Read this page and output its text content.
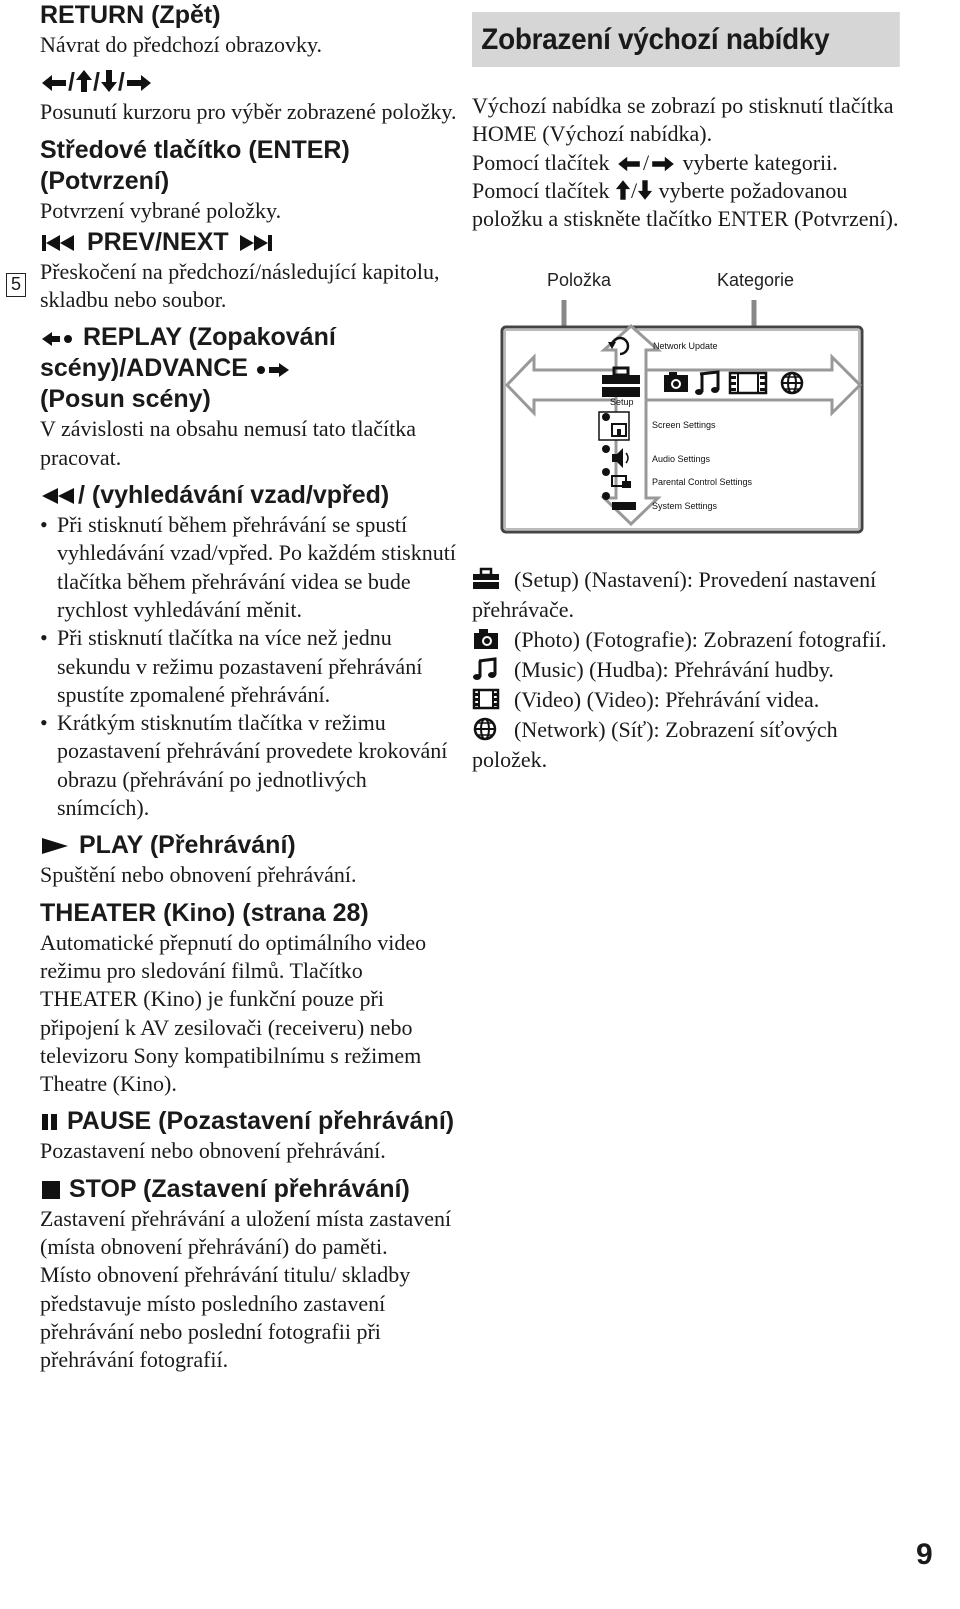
RETURN (Zpět)

Návrat do předchozí obrazovky.

/ / /

Posunutí kurzoru pro výběr zobrazené položky.

Středové tlačítko (ENTER) (Potvrzení)

Potvrzení vybrané položky.

PREV/NEXT

Přeskočení na předchozí/následující kapitolu, skladbu nebo soubor.

REPLAY (Zopakování scény)/ADVANCE
(Posun scény)

V závislosti na obsahu nemusí tato tlačítka pracovat.

/ (vyhledávání vzad/vpřed)

• Při stisknutí během přehrávání se spustí vyhledávání vzad/vpřed. Po každém stisknutí tlačítka během přehrávání videa se bude rychlost vyhledávání měnit.
• Při stisknutí tlačítka na více než jednu sekundu v režimu pozastavení přehrávání spustíte zpomalené přehrávání.
• Krátkým stisknutím tlačítka v režimu pozastavení přehrávání provedete krokování obrazu (přehrávání po jednotlivých snímcích).

PLAY (Přehrávání)

Spuštění nebo obnovení přehrávání.

THEATER (Kino) (strana 28)

Automatické přepnutí do optimálního video režimu pro sledování filmů. Tlačítko THEATER (Kino) je funkční pouze při připojení k AV zesilovači (receiveru) nebo televizoru Sony kompatibilnímu s režimem Theatre (Kino).

PAUSE (Pozastavení přehrávání)

Pozastavení nebo obnovení přehrávání.

STOP (Zastavení přehrávání)

Zastavení přehrávání a uložení místa zastavení (místa obnovení přehrávání) do paměti.

Místo obnovení přehrávání titulu/ skladby představuje místo posledního zastavení přehrávání nebo poslední fotografii při přehrávání fotografií.

5
Zobrazení výchozí nabídky

Výchozí nabídka se zobrazí po stisknutí tlačítka HOME (Výchozí nabídka).

Pomocí tlačítek / vyberte kategorii.

Pomocí tlačítek / vyberte požadovanou položku a stiskněte tlačítko ENTER (Potvrzení).

Položka	Kategorie
Network Update
Setup
Screen Settings
Audio Settings
Parental Control Settings
System Settings

(Setup) (Nastavení): Provedení nastavení přehrávače.

(Photo) (Fotografie): Zobrazení fotografií.

(Music) (Hudba): Přehrávání hudby.

(Video) (Video): Přehrávání videa.

(Network) (Síť): Zobrazení síťových položek.

9
